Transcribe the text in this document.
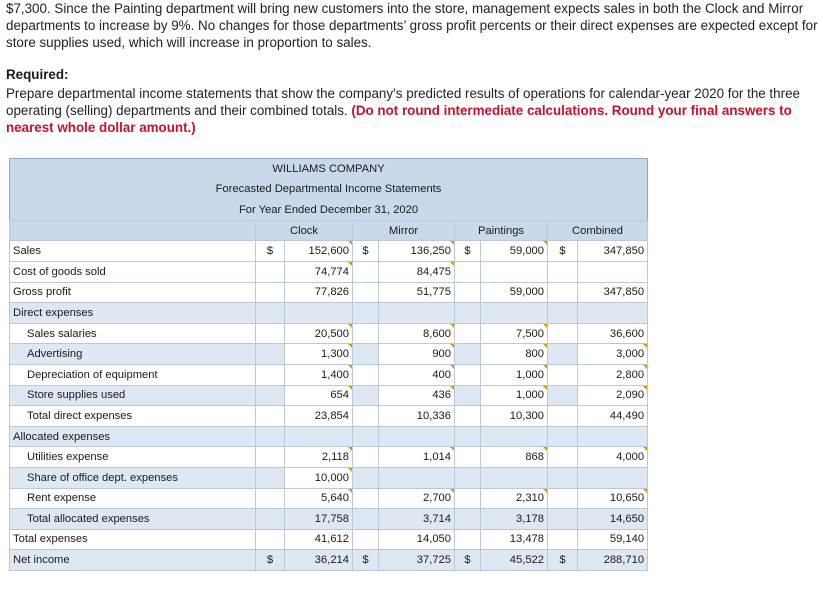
$7,300. Since the Painting department will bring new customers into the store, management expects sales in both the Clock and Mirror departments to increase by 9%. No changes for those departments’ gross profit percents or their direct expenses are expected except for store supplies used, which will increase in proportion to sales.
Required:
Prepare departmental income statements that show the company’s predicted results of operations for calendar-year 2020 for the three operating (selling) departments and their combined totals. (Do not round intermediate calculations. Round your final answers to nearest whole dollar amount.)
WILLIAMS COMPANY								
Forecasted Departmental Income Statements								
For Year Ended December 31, 2020								
	Clock		Mirror		Paintings		Combined	
Sales	$	152,600	$	136,250	$	59,000	$	347,850
Cost of goods sold		74,774		84,475				
Gross profit		77,826		51,775		59,000		347,850
Direct expenses								
Sales salaries		20,500		8,600		7,500		36,600
Advertising		1,300		900		800		3,000
Depreciation of equipment		1,400		400		1,000		2,800
Store supplies used		654		436		1,000		2,090
Total direct expenses		23,854		10,336		10,300		44,490
Allocated expenses								
Utilities expense		2,118		1,014		868		4,000
Share of office dept. expenses		10,000						
Rent expense		5,640		2,700		2,310		10,650
Total allocated expenses		17,758		3,714		3,178		14,650
Total expenses		41,612		14,050		13,478		59,140
Net income	$	36,214	$	37,725	$	45,522	$	288,710
